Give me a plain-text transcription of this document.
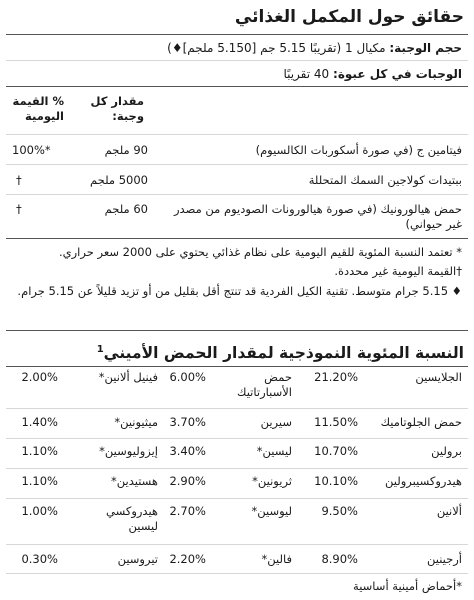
حقائق حول المكمل الغذائي
حجم الوجبة: مكيال 1 (تقريبًا 5.15 جم [5.150 ملجم]♦)
الوجبات في كل عبوة: 40 تقريبًا
% القيمة اليومية
مقدار كل وجبة:
فيتامين ج (في صورة أسكوربات الكالسيوم)
90 ملجم
100%*
ببتيدات كولاجين السمك المتحللة
5000 ملجم
†
حمض هيالورونيك (في صورة هيالورونات الصوديوم من مصدر غير حيواني)
60 ملجم
†
* تعتمد النسبة المئوية للقيم اليومية على نظام غذائي يحتوي على 2000 سعر حراري.
†القيمة اليومية غير محددة.
♦ 5.15 جرام متوسط. تقنية الكيل الفردية قد تنتج أقل بقليل من أو تزيد قليلاً عن 5.15 جرام.
النسبة المئوية النموذجية لمقدار الحمض الأميني$^1$
الجلايسين
21.20%
حمض الأسبارتاتيك
6.00%
فينيل ألانين*
2.00%
حمض الجلوتاميك
11.50%
سيرين
3.70%
ميثيونين*
1.40%
برولين
10.70%
ليسين*
3.40%
إيزوليوسين*
1.10%
هيدروكسيبرولين
10.10%
ثريونين*
2.90%
هستيدين*
1.10%
ألانين
9.50%
ليوسين*
2.70%
هيدروكسي ليسين
1.00%
أرجينين
8.90%
فالين*
2.20%
تيروسين
0.30%
*أحماض أمينية أساسية
